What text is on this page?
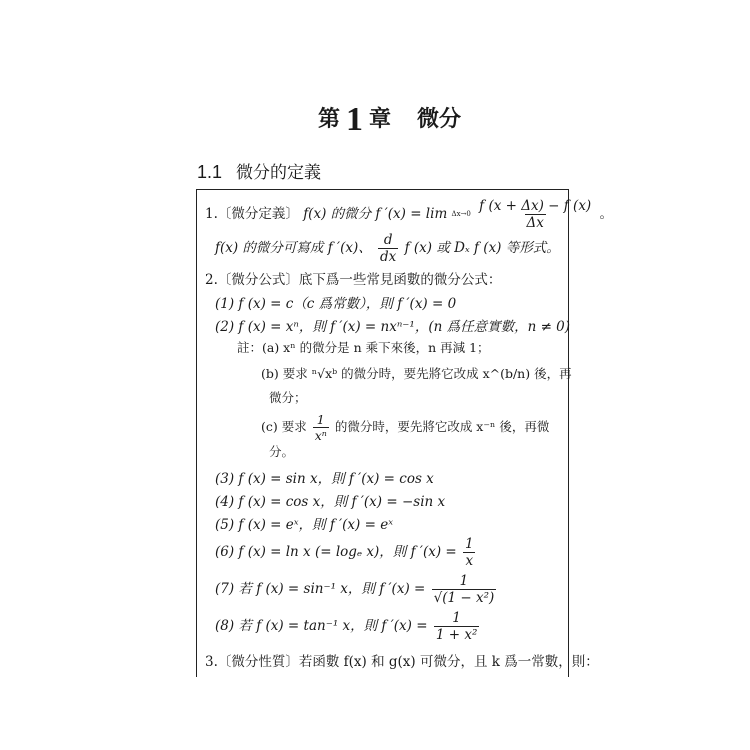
第 1 章 微分
1.1 微分的定義
1.〔微分定義〕 f(x) 的微分 f ′(x) = lim Δx→0
$\frac{f (x + \Delta x) - f (x)}{\Delta x}$ 。
f(x) 的微分可寫成 f ′(x)、 $\frac{d}{dx}$ f (x) 或 Dₓ f (x) 等形式。
2.〔微分公式〕底下爲一些常見函數的微分公式：
(1) f (x) = c（c 爲常數），則 f ′(x) = 0
(2) f (x) = xⁿ，則 f ′(x) = nxⁿ⁻¹，(n 爲任意實數，n ≠ 0)
註：(a) xⁿ 的微分是 n 乘下來後，n 再減 1；
(b) 要求 ⁿ√xᵇ 的微分時，要先將它改成 x^(b/n) 後，再
微分；
(c) 要求 $\frac{1}{\text{xⁿ}}$ 的微分時，要先將它改成 x⁻ⁿ 後，再微
分。
(3) f (x) = sin x，則 f ′(x) = cos x
(4) f (x) = cos x，則 f ′(x) = −sin x
(5) f (x) = eˣ，則 f ′(x) = eˣ
(6) f (x) = ln x (= logₑ x)，則 f $'(x) = \frac{1}{x}$
(7) 若 f (x) = sin⁻¹ x，則 f $'(x) = \frac{1}{\text{√(1 − x²)}}$
(8) 若 f (x) = tan⁻¹ x，則 f $'(x) = \frac{1}{\text{1 + x²}}$
3.〔微分性質〕若函數 f(x) 和 g(x) 可微分，且 k 爲一常數，則：
